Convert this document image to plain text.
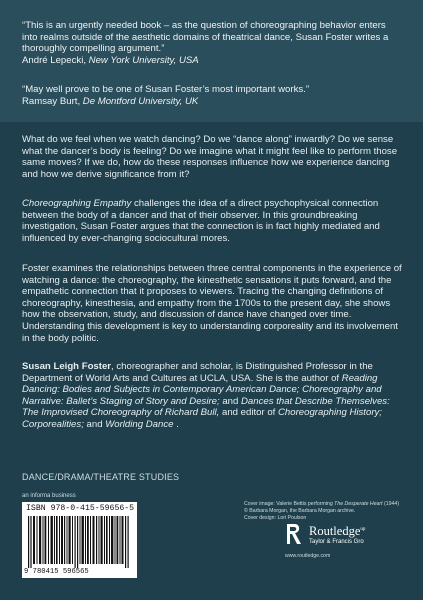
“This is an urgently needed book – as the question of choreographing behavior enters into realms outside of the aesthetic domains of theatrical dance, Susan Foster writes a thoroughly compelling argument.”
André Lepecki, New York University, USA
“May well prove to be one of Susan Foster’s most important works.”
Ramsay Burt, De Montford University, UK
What do we feel when we watch dancing? Do we “dance along” inwardly? Do we sense what the dancer’s body is feeling? Do we imagine what it might feel like to perform those same moves? If we do, how do these responses influence how we experience dancing and how we derive significance from it?
Choreographing Empathy challenges the idea of a direct psychophysical connection between the body of a dancer and that of their observer. In this groundbreaking investigation, Susan Foster argues that the connection is in fact highly mediated and influenced by ever-changing sociocultural mores.
Foster examines the relationships between three central components in the experience of watching a dance: the choreography, the kinesthetic sensations it puts forward, and the empathetic connection that it proposes to viewers. Tracing the changing definitions of choreography, kinesthesia, and empathy from the 1700s to the present day, she shows how the observation, study, and discussion of dance have changed over time. Understanding this development is key to understanding corporeality and its involvement in the body politic.
Susan Leigh Foster, choreographer and scholar, is Distinguished Professor in the Department of World Arts and Cultures at UCLA, USA. She is the author of Reading Dancing: Bodies and Subjects in Contemporary American Dance; Choreography and Narrative: Ballet’s Staging of Story and Desire; and Dances that Describe Themselves: The Improvised Choreography of Richard Bull, and editor of Choreographing History; Corporealities; and Worlding Dance .
DANCE/DRAMA/THEATRE STUDIES
an informa business
ISBN 978-0-415-59656-5
9 780415 596565
Cover image: Valerie Bettis performing The Desperate Heart (1944)
© Barbara Morgan, the Barbara Morgan archive.
Cover design: Lori Poulson
Routledge$^{up}$
Taylor & Francis Gro
www.routledge.com
